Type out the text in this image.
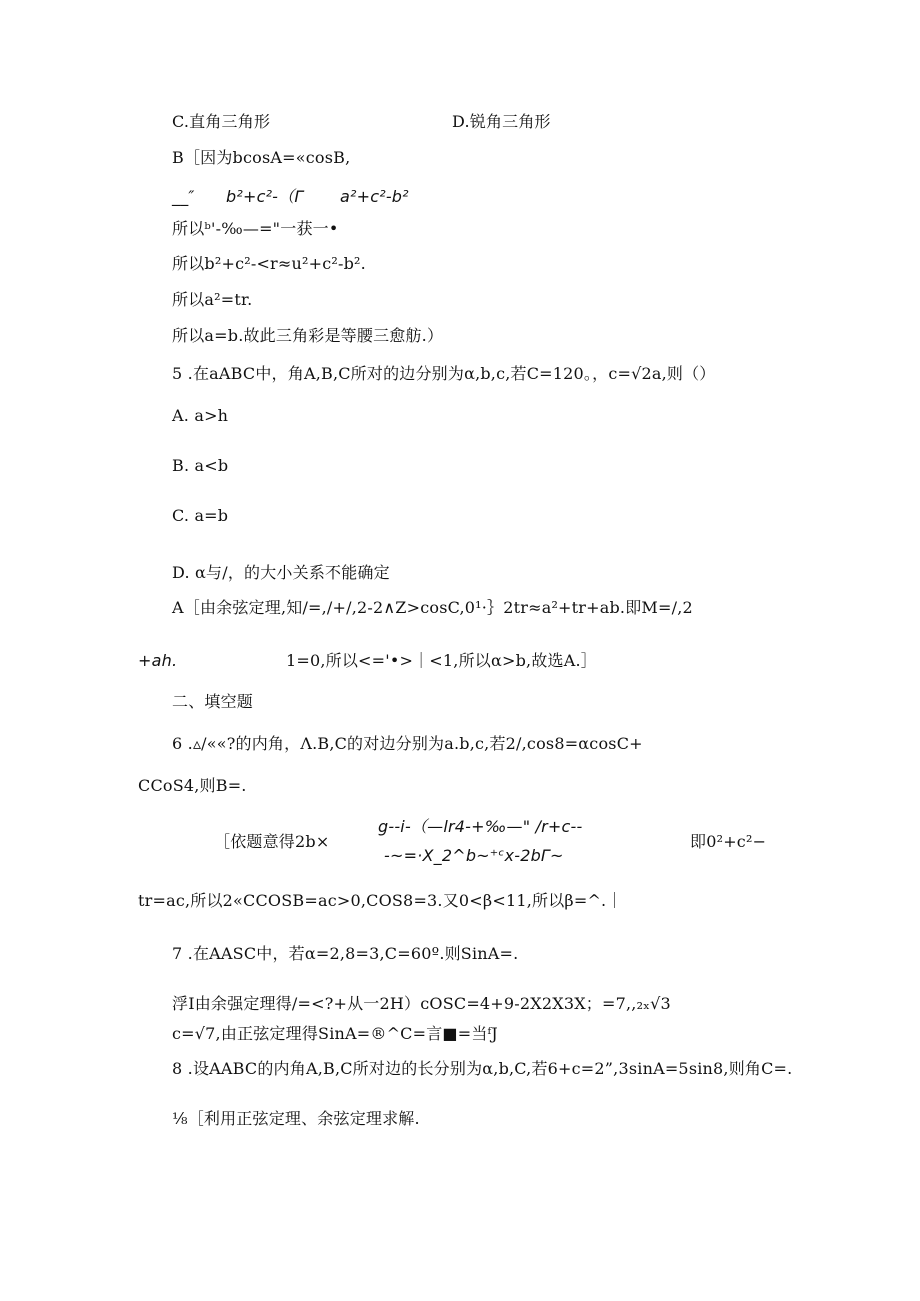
C.直角三角形	D.锐角三角形
B［因为bcosA=«cosB,
__″ b²+c²-（Γ a²+c²-b²
所以ᵇ'-‰—="一获一•
所以b²+c²-<r≈u²+c²-b².
所以a²=tr.
所以a=b.故此三角彩是等腰三愈舫.）
5 .在aABC中，角A,B,C所对的边分别为α,b,c,若C=120。，c=√2a,则（）
A. a>h
B. a<b
C. a=b
D. α与/，的大小关系不能确定
A［由余弦定理,知/=,/+/,2-2∧Z>cosC,0¹·｝2tr≈a²+tr+ab.即M=/,2
+ah.	1=0,所以<='•>｜<1,所以α>b,故选A.］
二、填空题
6 .▵/««?的内角，Λ.B,C的对边分别为a.b,c,若2∕,cos8=αcosC+
CCoS4,则B=.
［依题意得2b×
g--i-（—lr4-+‰—" ∕r+c--
-~=·X_2^b~⁺ᶜx-2bΓ~
即0²+c²−
tr=ac,所以2«CCOSB=ac>0,COS8=3.又0<β<11,所以β=^.｜
7 .在AASC中，若α=2,8=3,C=60º.则SinA=.
浮I由余强定理得/=<?+从一2H）ᴄOSC=4+9-2X2X3X；=7,,₂ₓ√3
c=√7,由正弦定理得SinA=®^C=言■=当ᶠJ
8 .设AABC的内角A,B,C所对边的长分别为α,b,C,若6+c=2”,3sinA=5sin8,则角C=.
⅛［利用正弦定理、余弦定理求解.
